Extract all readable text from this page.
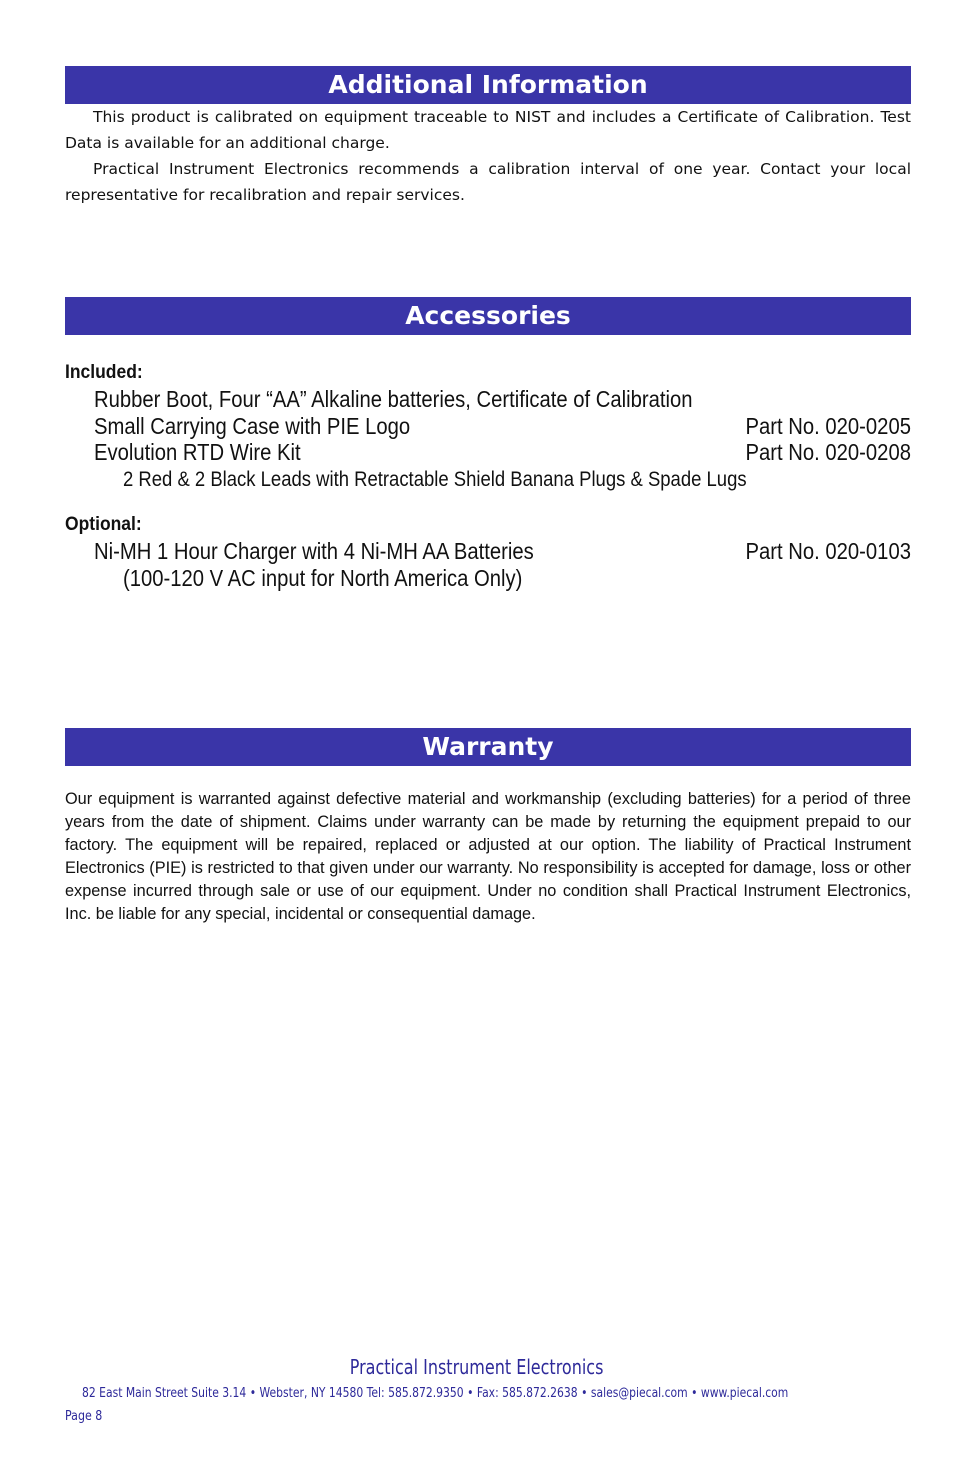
Additional Information

This product is calibrated on equipment traceable to NIST and includes a Certificate of Calibration. Test Data is available for an additional charge.

Practical Instrument Electronics recommends a calibration interval of one year. Contact your local representative for recalibration and repair services.

Accessories
Included:
Rubber Boot, Four “AA” Alkaline batteries, Certificate of Calibration
Small Carrying Case with PIE Logo	Part No. 020-0205
Evolution RTD Wire Kit	Part No. 020-0208
2 Red & 2 Black Leads with Retractable Shield Banana Plugs & Spade Lugs
Optional:
Ni-MH 1 Hour Charger with 4 Ni-MH AA Batteries	Part No. 020-0103
(100-120 V AC input for North America Only)
Warranty

Our equipment is warranted against defective material and workmanship (excluding batteries) for a period of three years from the date of shipment. Claims under warranty can be made by returning the equipment prepaid to our factory. The equipment will be repaired, replaced or adjusted at our option. The liability of Practical Instrument Electronics (PIE) is restricted to that given under our warranty. No responsibility is accepted for damage, loss or other expense incurred through sale or use of our equipment. Under no condition shall Practical Instrument Electronics, Inc. be liable for any special, incidental or consequential damage.

Practical Instrument Electronics
82 East Main Street Suite 3.14 • Webster, NY 14580 Tel: 585.872.9350 • Fax: 585.872.2638 • sales@piecal.com • www.piecal.com
Page 8
